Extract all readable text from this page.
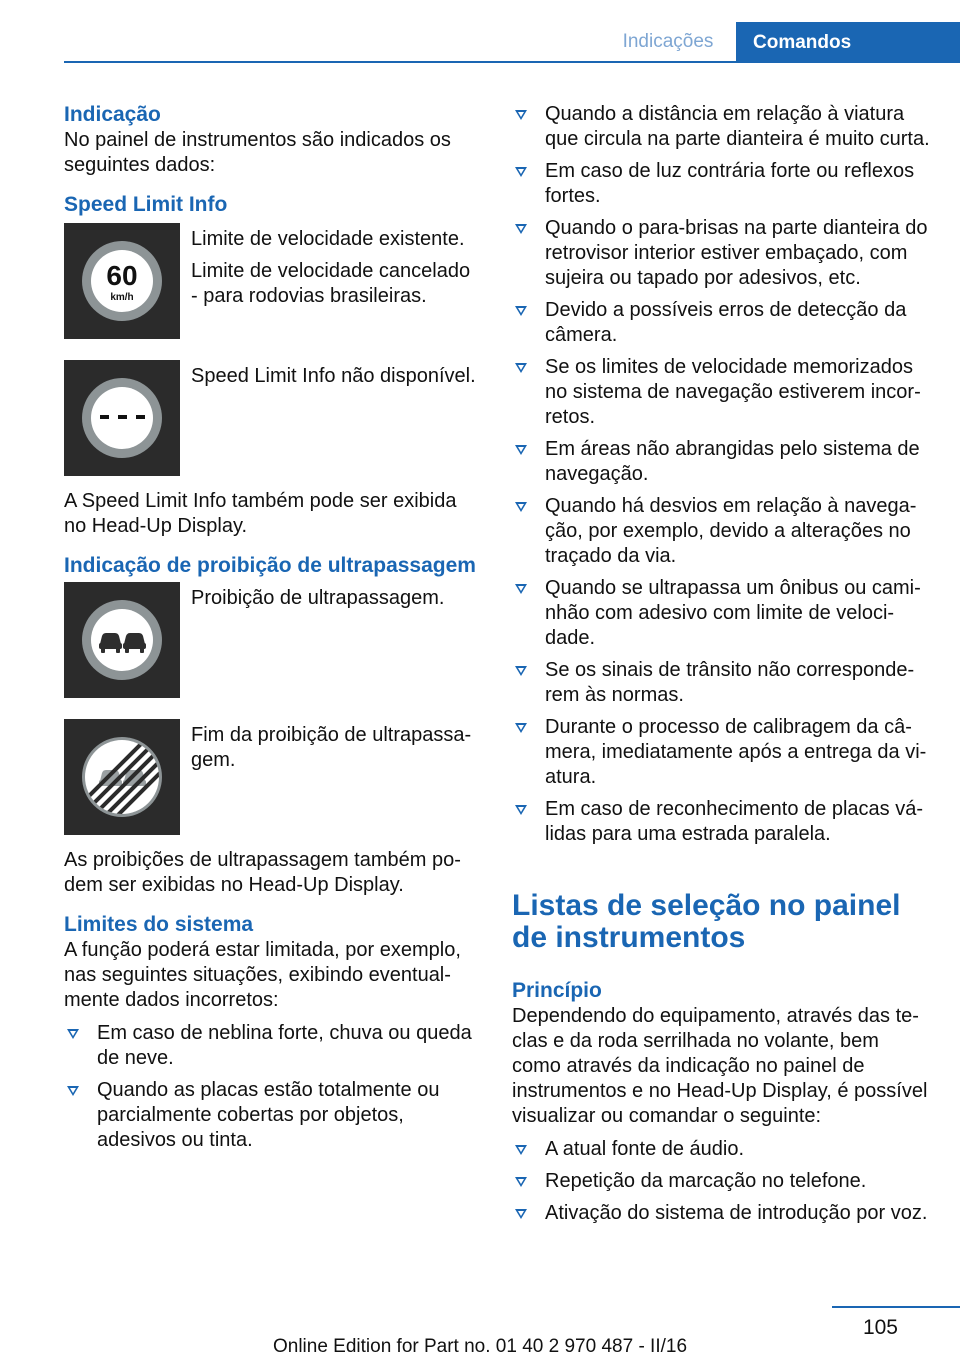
Indicações	Comandos
Indicação

No painel de instrumentos são indicados os seguintes dados:

Speed Limit Info
60
km/h

Limite de velocidade existente.

Limite de velocidade cancelado - para rodovias brasileiras.

Speed Limit Info não disponível.

A Speed Limit Info também pode ser exibida no Head-Up Display.

Indicação de proibição de ultrapassagem

Proibição de ultrapassagem.

Fim da proibição de ultrapassagem.

As proibições de ultrapassagem também podem ser exibidas no Head-Up Display.

Limites do sistema

A função poderá estar limitada, por exemplo, nas seguintes situações, exibindo eventualmente dados incorretos:

Em caso de neblina forte, chuva ou queda de neve.
Quando as placas estão totalmente ou parcialmente cobertas por objetos, adesivos ou tinta.
Quando a distância em relação à viatura que circula na parte dianteira é muito curta.
Em caso de luz contrária forte ou reflexos fortes.
Quando o para-brisas na parte dianteira do retrovisor interior estiver embaçado, com sujeira ou tapado por adesivos, etc.
Devido a possíveis erros de detecção da câmera.
Se os limites de velocidade memorizados no sistema de navegação estiverem incorretos.
Em áreas não abrangidas pelo sistema de navegação.
Quando há desvios em relação à navegação, por exemplo, devido a alterações no traçado da via.
Quando se ultrapassa um ônibus ou caminhão com adesivo com limite de velocidade.
Se os sinais de trânsito não corresponderem às normas.
Durante o processo de calibragem da câmera, imediatamente após a entrega da viatura.
Em caso de reconhecimento de placas válidas para uma estrada paralela.
Listas de seleção no painel de instrumentos
Princípio

Dependendo do equipamento, através das teclas e da roda serrilhada no volante, bem como através da indicação no painel de instrumentos e no Head-Up Display, é possível visualizar ou comandar o seguinte:

A atual fonte de áudio.
Repetição da marcação no telefone.
Ativação do sistema de introdução por voz.
105
Online Edition for Part no. 01 40 2 970 487 - II/16
